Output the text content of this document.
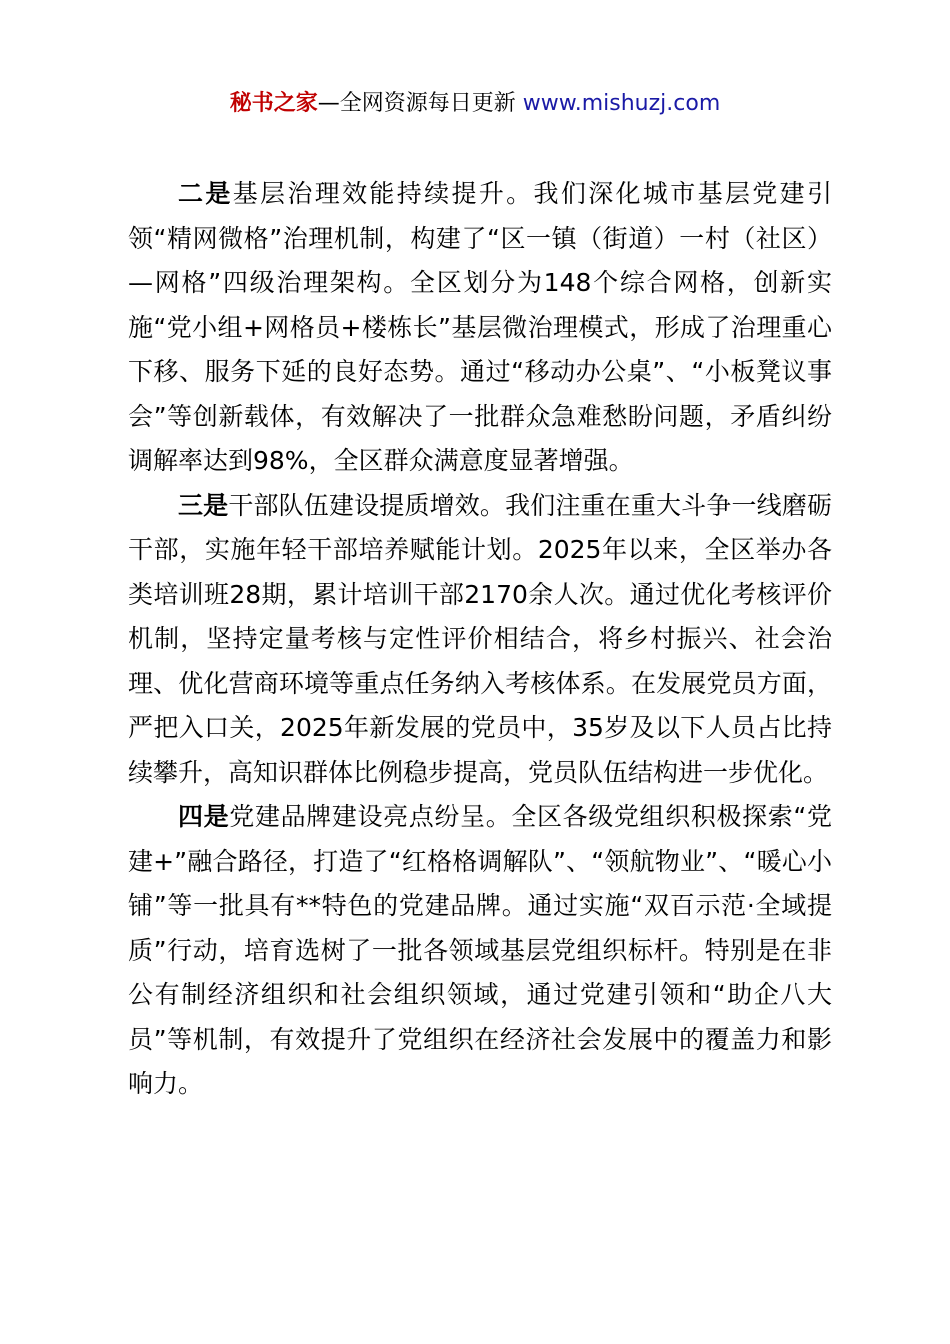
秘书之家—全网资源每日更新 www.mishuzj.com

二是基层治理效能持续提升。我们深化城市基层党建引领“精网微格”治理机制，构建了“区一镇（街道）一村（社区）—网格”四级治理架构。全区划分为148个综合网格，创新实施“党小组+网格员+楼栋长”基层微治理模式，形成了治理重心下移、服务下延的良好态势。通过“移动办公桌”、“小板凳议事会”等创新载体，有效解决了一批群众急难愁盼问题，矛盾纠纷调解率达到98%，全区群众满意度显著增强。

三是干部队伍建设提质增效。我们注重在重大斗争一线磨砺干部，实施年轻干部培养赋能计划。2025年以来，全区举办各类培训班28期，累计培训干部2170余人次。通过优化考核评价机制，坚持定量考核与定性评价相结合，将乡村振兴、社会治理、优化营商环境等重点任务纳入考核体系。在发展党员方面，严把入口关，2025年新发展的党员中，35岁及以下人员占比持续攀升，高知识群体比例稳步提高，党员队伍结构进一步优化。

四是党建品牌建设亮点纷呈。全区各级党组织积极探索“党建+”融合路径，打造了“红格格调解队”、“领航物业”、“暖心小铺”等一批具有**特色的党建品牌。通过实施“双百示范·全域提质”行动，培育选树了一批各领域基层党组织标杆。特别是在非公有制经济组织和社会组织领域，通过党建引领和“助企八大员”等机制，有效提升了党组织在经济社会发展中的覆盖力和影响力。
